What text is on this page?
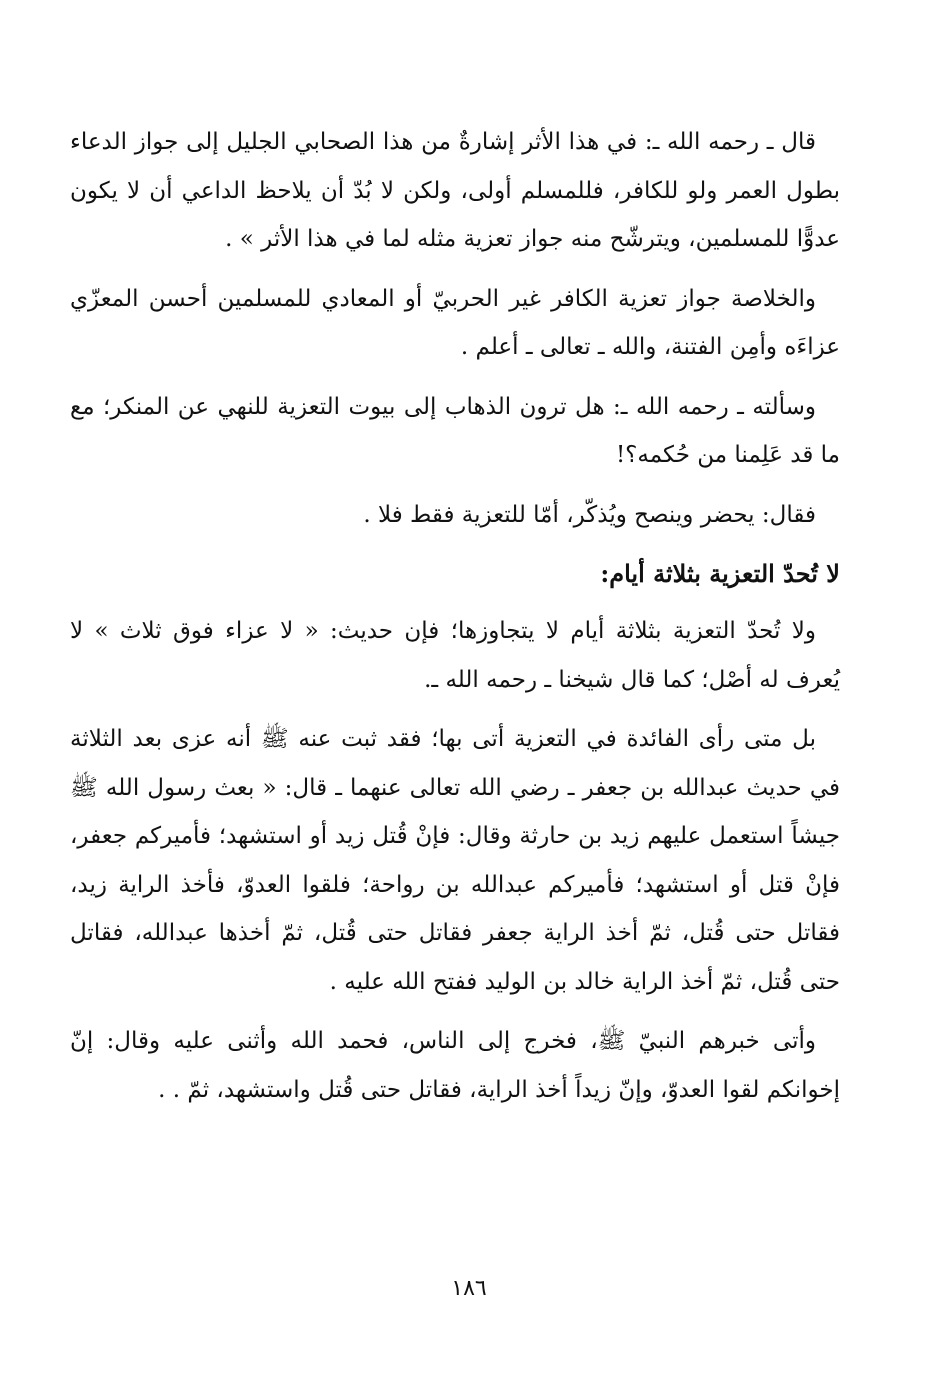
قال ـ رحمه الله ـ: في هذا الأثر إشارةٌ من هذا الصحابي الجليل إلى جواز الدعاء بطول العمر ولو للكافر، فللمسلم أولى، ولكن لا بُدّ أن يلاحظ الداعي أن لا يكون عدوًّا للمسلمين، ويترشّح منه جواز تعزية مثله لما في هذا الأثر » .

والخلاصة جواز تعزية الكافر غير الحربيّ أو المعادي للمسلمين أحسن المعزّي عزاءَه وأمِن الفتنة، والله ـ تعالى ـ أعلم .

وسألته ـ رحمه الله ـ: هل ترون الذهاب إلى بيوت التعزية للنهي عن المنكر؛ مع ما قد عَلِمنا من حُكمه؟!

فقال: يحضر وينصح ويُذكّر، أمّا للتعزية فقط فلا .

لا تُحدّ التعزية بثلاثة أيام:

ولا تُحدّ التعزية بثلاثة أيام لا يتجاوزها؛ فإن حديث: « لا عزاء فوق ثلاث » لا يُعرف له أصْل؛ كما قال شيخنا ـ رحمه الله ـ.

بل متى رأى الفائدة في التعزية أتى بها؛ فقد ثبت عنه ﷺ أنه عزى بعد الثلاثة في حديث عبدالله بن جعفر ـ رضي الله تعالى عنهما ـ قال: « بعث رسول الله ﷺ جيشاً استعمل عليهم زيد بن حارثة وقال: فإنْ قُتل زيد أو استشهد؛ فأميركم جعفر، فإنْ قتل أو استشهد؛ فأميركم عبدالله بن رواحة؛ فلقوا العدوّ، فأخذ الراية زيد، فقاتل حتى قُتل، ثمّ أخذ الراية جعفر فقاتل حتى قُتل، ثمّ أخذها عبدالله، فقاتل حتى قُتل، ثمّ أخذ الراية خالد بن الوليد ففتح الله عليه .

وأتى خبرهم النبيّ ﷺ، فخرج إلى الناس، فحمد الله وأثنى عليه وقال: إنّ إخوانكم لقوا العدوّ، وإنّ زيداً أخذ الراية، فقاتل حتى قُتل واستشهد، ثمّ . .

١٨٦
